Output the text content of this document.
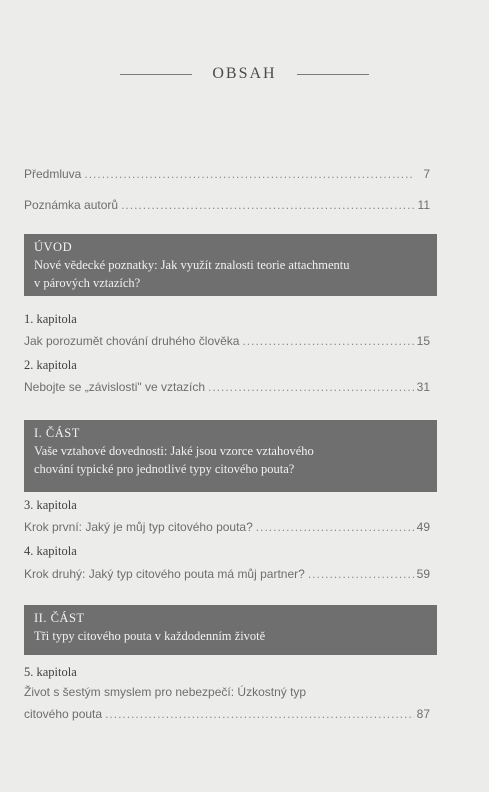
OBSAH
Předmluva .....	7
Poznámka autorů .....	11
ÚVOD
Nové vědecké poznatky: Jak využít znalosti teorie attachmentu
v párových vztazích?
1. kapitola
Jak porozumět chování druhého člověka .....	15
2. kapitola
Nebojte se „závislosti" ve vztazích .....	31
I. ČÁST
Vaše vztahové dovednosti: Jaké jsou vzorce vztahového
chování typické pro jednotlivé typy citového pouta?
3. kapitola
Krok první: Jaký je můj typ citového pouta? .....	49
4. kapitola
Krok druhý: Jaký typ citového pouta má můj partner? .....	59
II. ČÁST
Tři typy citového pouta v každodenním životě
5. kapitola
Život s šestým smyslem pro nebezpečí: Úzkostný typ
citového pouta .....	87
